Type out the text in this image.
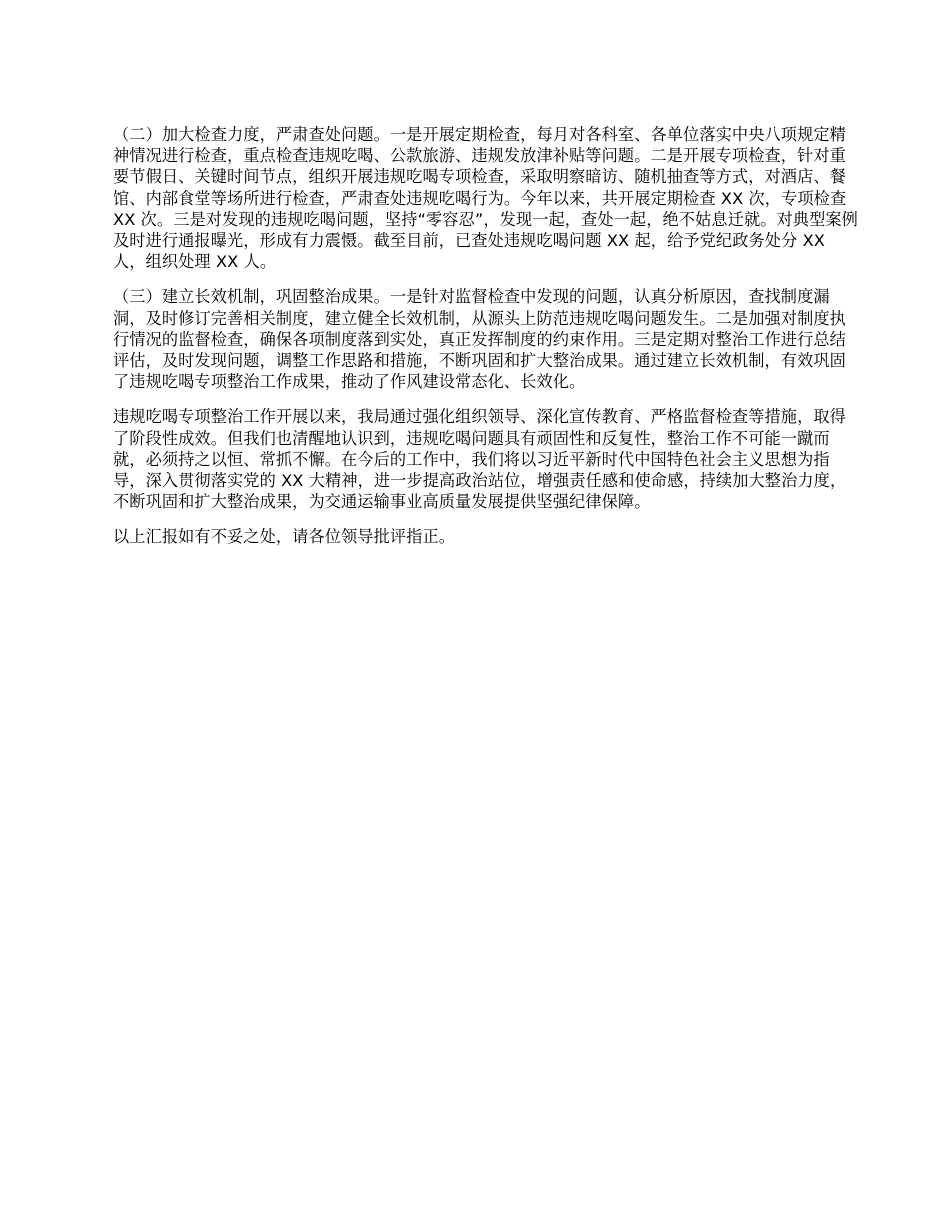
（二）加大检查力度，严肃查处问题。一是开展定期检查，每月对各科室、各单位落实中央八项规定精神情况进行检查，重点检查违规吃喝、公款旅游、违规发放津补贴等问题。二是开展专项检查，针对重要节假日、关键时间节点，组织开展违规吃喝专项检查，采取明察暗访、随机抽查等方式，对酒店、餐馆、内部食堂等场所进行检查，严肃查处违规吃喝行为。今年以来，共开展定期检查 XX 次，专项检查 XX 次。三是对发现的违规吃喝问题，坚持“零容忍”，发现一起，查处一起，绝不姑息迁就。对典型案例及时进行通报曝光，形成有力震慑。截至目前，已查处违规吃喝问题 XX 起，给予党纪政务处分 XX 人，组织处理 XX 人。

（三）建立长效机制，巩固整治成果。一是针对监督检查中发现的问题，认真分析原因，查找制度漏洞，及时修订完善相关制度，建立健全长效机制，从源头上防范违规吃喝问题发生。二是加强对制度执行情况的监督检查，确保各项制度落到实处，真正发挥制度的约束作用。三是定期对整治工作进行总结评估，及时发现问题，调整工作思路和措施，不断巩固和扩大整治成果。通过建立长效机制，有效巩固了违规吃喝专项整治工作成果，推动了作风建设常态化、长效化。

违规吃喝专项整治工作开展以来，我局通过强化组织领导、深化宣传教育、严格监督检查等措施，取得了阶段性成效。但我们也清醒地认识到，违规吃喝问题具有顽固性和反复性，整治工作不可能一蹴而就，必须持之以恒、常抓不懈。在今后的工作中，我们将以习近平新时代中国特色社会主义思想为指导，深入贯彻落实党的 XX 大精神，进一步提高政治站位，增强责任感和使命感，持续加大整治力度，不断巩固和扩大整治成果，为交通运输事业高质量发展提供坚强纪律保障。

以上汇报如有不妥之处，请各位领导批评指正。
